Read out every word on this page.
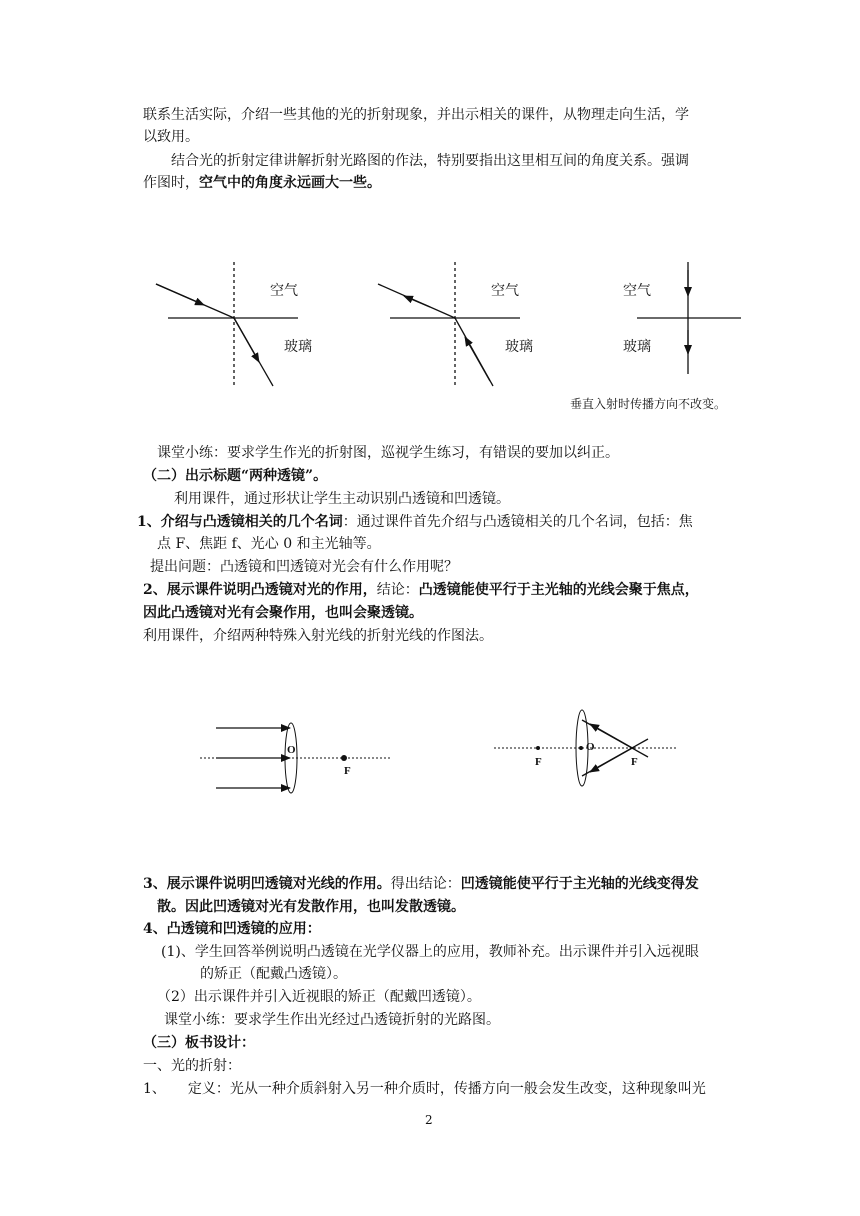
联系生活实际，介绍一些其他的光的折射现象，并出示相关的课件，从物理走向生活，学
以致用。
结合光的折射定律讲解折射光路图的作法，特别要指出这里相互间的角度关系。强调
作图时，空气中的角度永远画大一些。
空气
玻璃
空气
玻璃
空气
玻璃
垂直入射时传播方向不改变。
课堂小练：要求学生作光的折射图，巡视学生练习，有错误的要加以纠正。
（二）出示标题“两种透镜”。
利用课件，通过形状让学生主动识别凸透镜和凹透镜。
1、介绍与凸透镜相关的几个名词：通过课件首先介绍与凸透镜相关的几个名词，包括：焦
点 F、焦距 f、光心 0 和主光轴等。
提出问题：凸透镜和凹透镜对光会有什么作用呢？
2、展示课件说明凸透镜对光的作用，结论：凸透镜能使平行于主光轴的光线会聚于焦点，
因此凸透镜对光有会聚作用，也叫会聚透镜。
利用课件，介绍两种特殊入射光线的折射光线的作图法。
O
F
O
F	F
3、展示课件说明凹透镜对光线的作用。得出结论：凹透镜能使平行于主光轴的光线变得发
散。因此凹透镜对光有发散作用，也叫发散透镜。
4、凸透镜和凹透镜的应用：
(1)、学生回答举例说明凸透镜在光学仪器上的应用，教师补充。出示课件并引入远视眼
的矫正（配戴凸透镜）。
（2）出示课件并引入近视眼的矫正（配戴凹透镜）。
课堂小练：要求学生作出光经过凸透镜折射的光路图。
（三）板书设计：
一、光的折射：
1、 定义：光从一种介质斜射入另一种介质时，传播方向一般会发生改变，这种现象叫光
2
